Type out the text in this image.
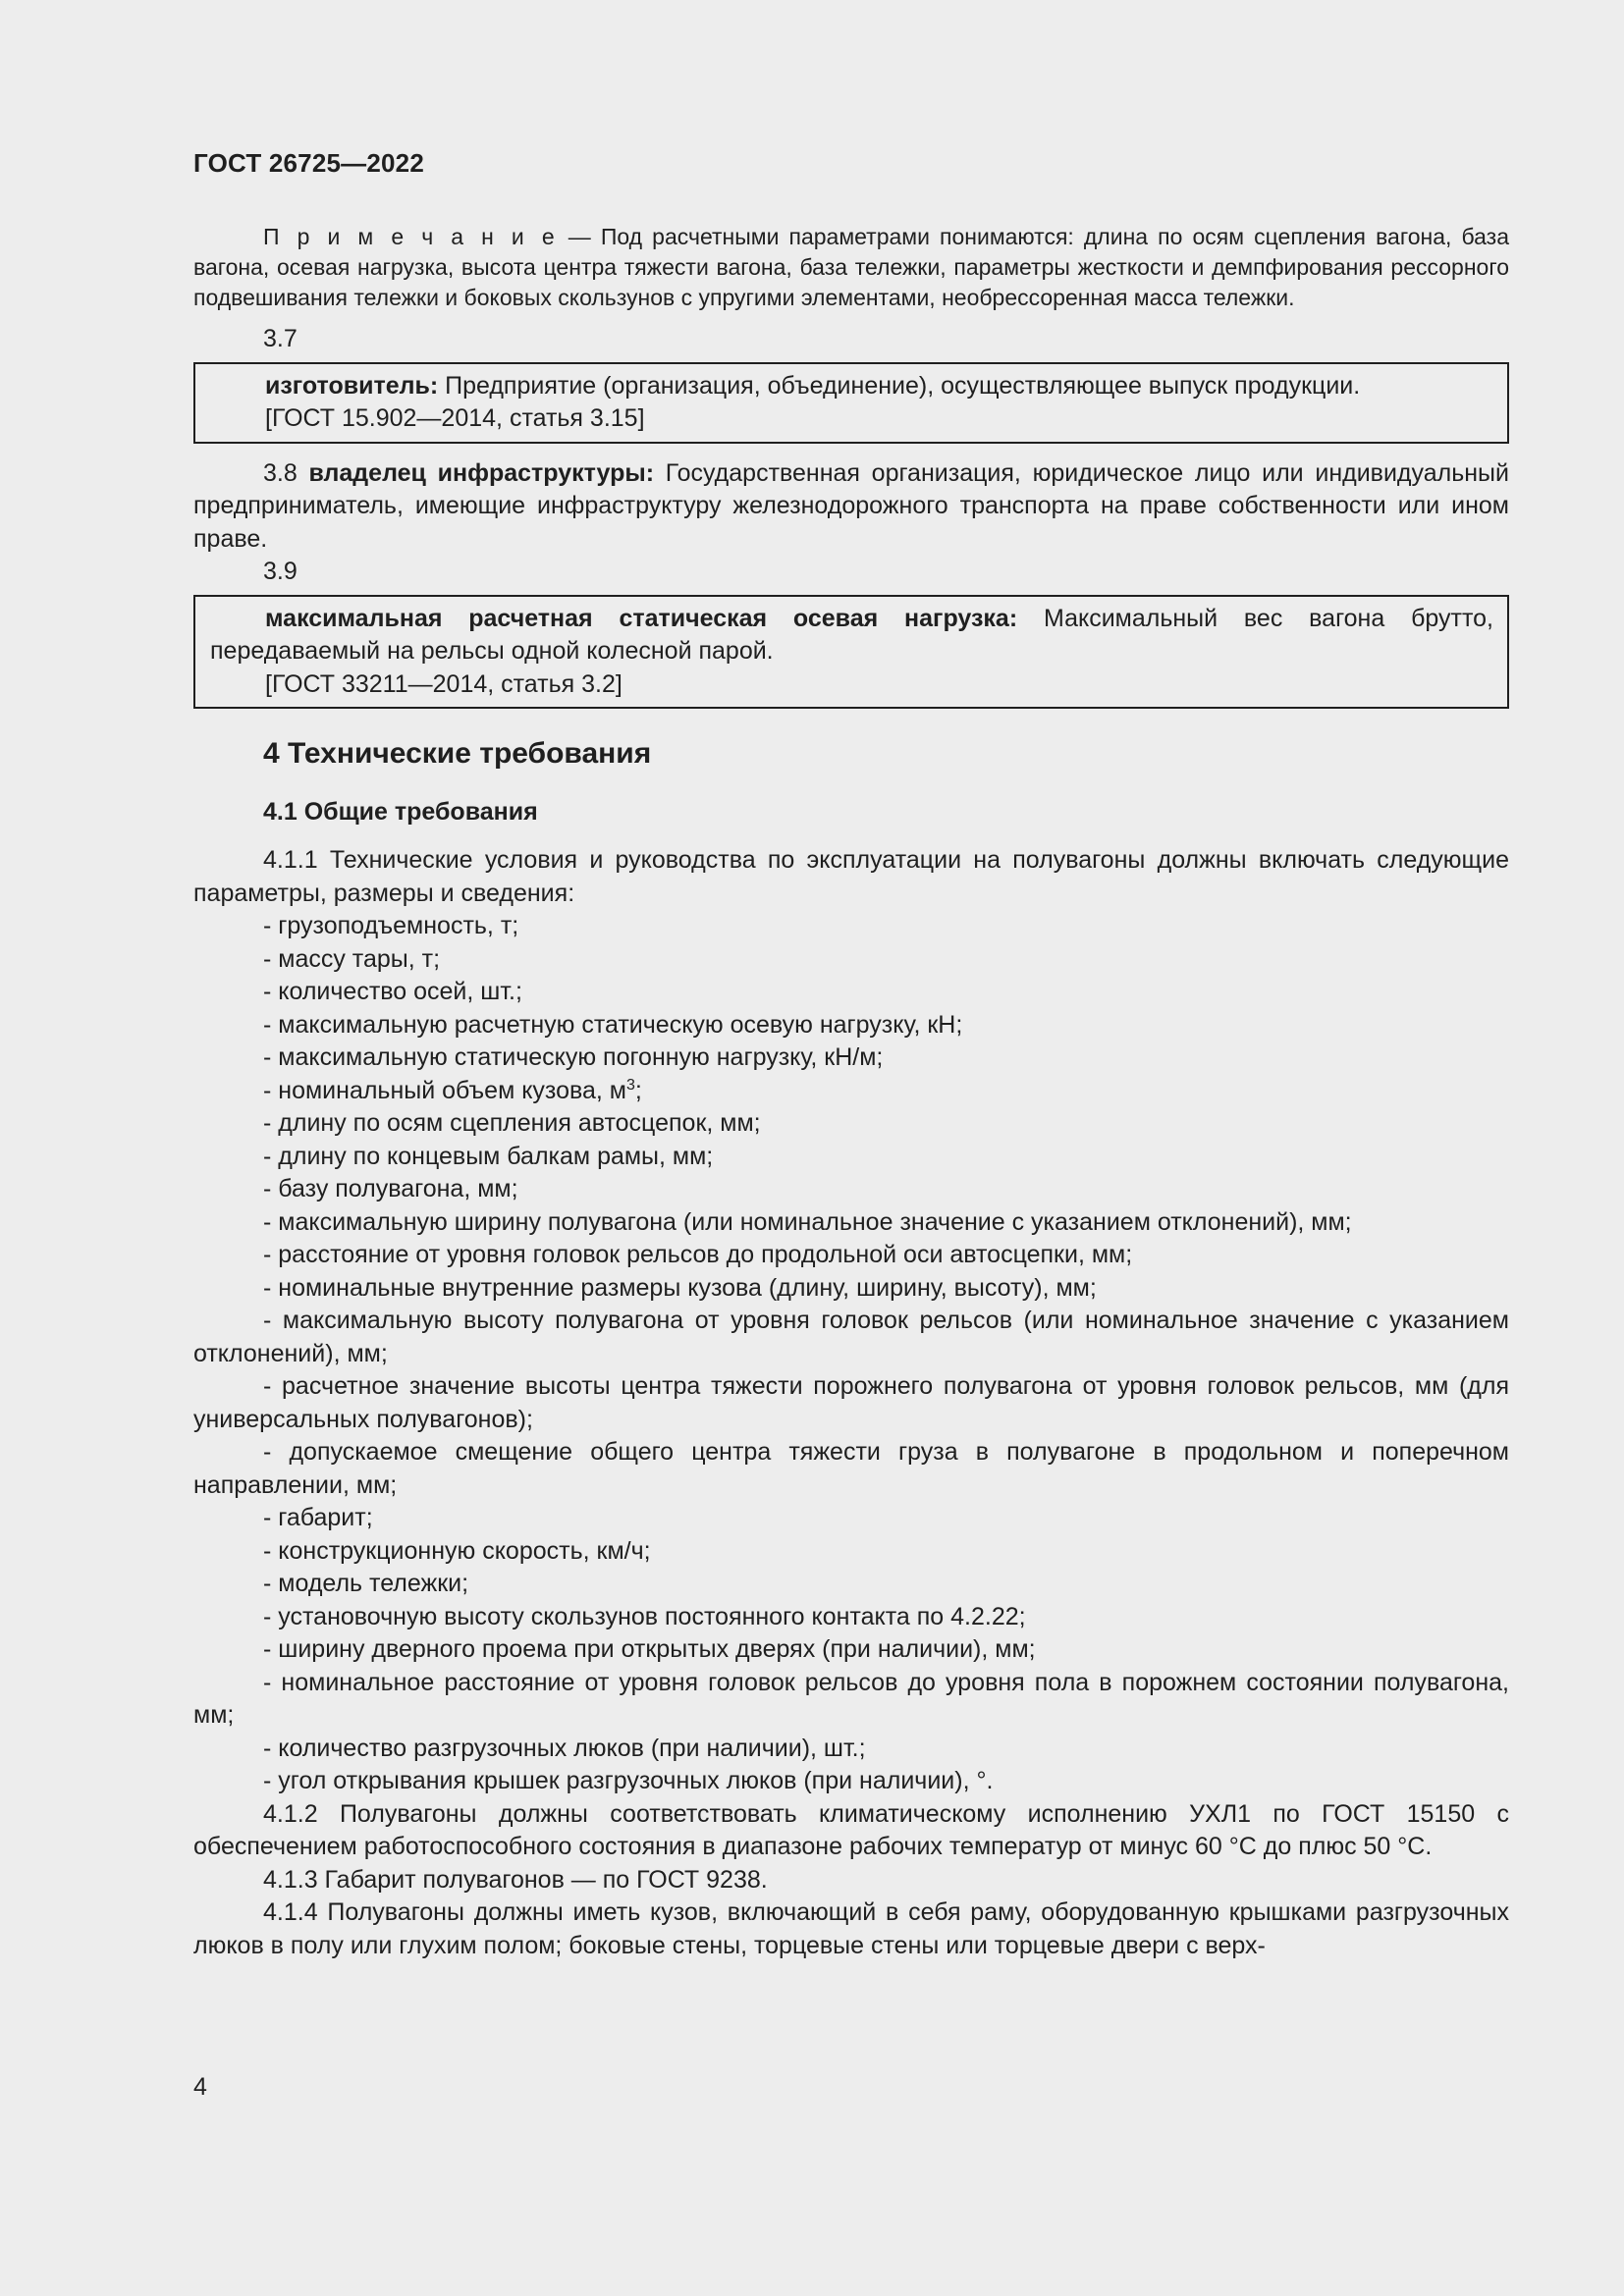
ГОСТ 26725—2022

П р и м е ч а н и е — Под расчетными параметрами понимаются: длина по осям сцепления вагона, база вагона, осевая нагрузка, высота центра тяжести вагона, база тележки, параметры жесткости и демпфирования рессорного подвешивания тележки и боковых скользунов с упругими элементами, необрессоренная масса тележки.

3.7

изготовитель: Предприятие (организация, объединение), осуществляющее выпуск продукции.

[ГОСТ 15.902—2014, статья 3.15]

3.8 владелец инфраструктуры: Государственная организация, юридическое лицо или индивидуальный предприниматель, имеющие инфраструктуру железнодорожного транспорта на праве собственности или ином праве.

3.9

максимальная расчетная статическая осевая нагрузка: Максимальный вес вагона брутто, передаваемый на рельсы одной колесной парой.

[ГОСТ 33211—2014, статья 3.2]

4 Технические требования
4.1 Общие требования

4.1.1 Технические условия и руководства по эксплуатации на полувагоны должны включать следующие параметры, размеры и сведения:

- грузоподъемность, т;

- массу тары, т;

- количество осей, шт.;

- максимальную расчетную статическую осевую нагрузку, кН;

- максимальную статическую погонную нагрузку, кН/м;

- номинальный объем кузова, $м^3$;

- длину по осям сцепления автосцепок, мм;

- длину по концевым балкам рамы, мм;

- базу полувагона, мм;

- максимальную ширину полувагона (или номинальное значение с указанием отклонений), мм;

- расстояние от уровня головок рельсов до продольной оси автосцепки, мм;

- номинальные внутренние размеры кузова (длину, ширину, высоту), мм;

- максимальную высоту полувагона от уровня головок рельсов (или номинальное значение с указанием отклонений), мм;

- расчетное значение высоты центра тяжести порожнего полувагона от уровня головок рельсов, мм (для универсальных полувагонов);

- допускаемое смещение общего центра тяжести груза в полувагоне в продольном и поперечном направлении, мм;

- габарит;

- конструкционную скорость, км/ч;

- модель тележки;

- установочную высоту скользунов постоянного контакта по 4.2.22;

- ширину дверного проема при открытых дверях (при наличии), мм;

- номинальное расстояние от уровня головок рельсов до уровня пола в порожнем состоянии полувагона, мм;

- количество разгрузочных люков (при наличии), шт.;

- угол открывания крышек разгрузочных люков (при наличии), °.

4.1.2 Полувагоны должны соответствовать климатическому исполнению УХЛ1 по ГОСТ 15150 с обеспечением работоспособного состояния в диапазоне рабочих температур от минус 60 °С до плюс 50 °С.

4.1.3 Габарит полувагонов — по ГОСТ 9238.

4.1.4 Полувагоны должны иметь кузов, включающий в себя раму, оборудованную крышками разгрузочных люков в полу или глухим полом; боковые стены, торцевые стены или торцевые двери с верх-

4
